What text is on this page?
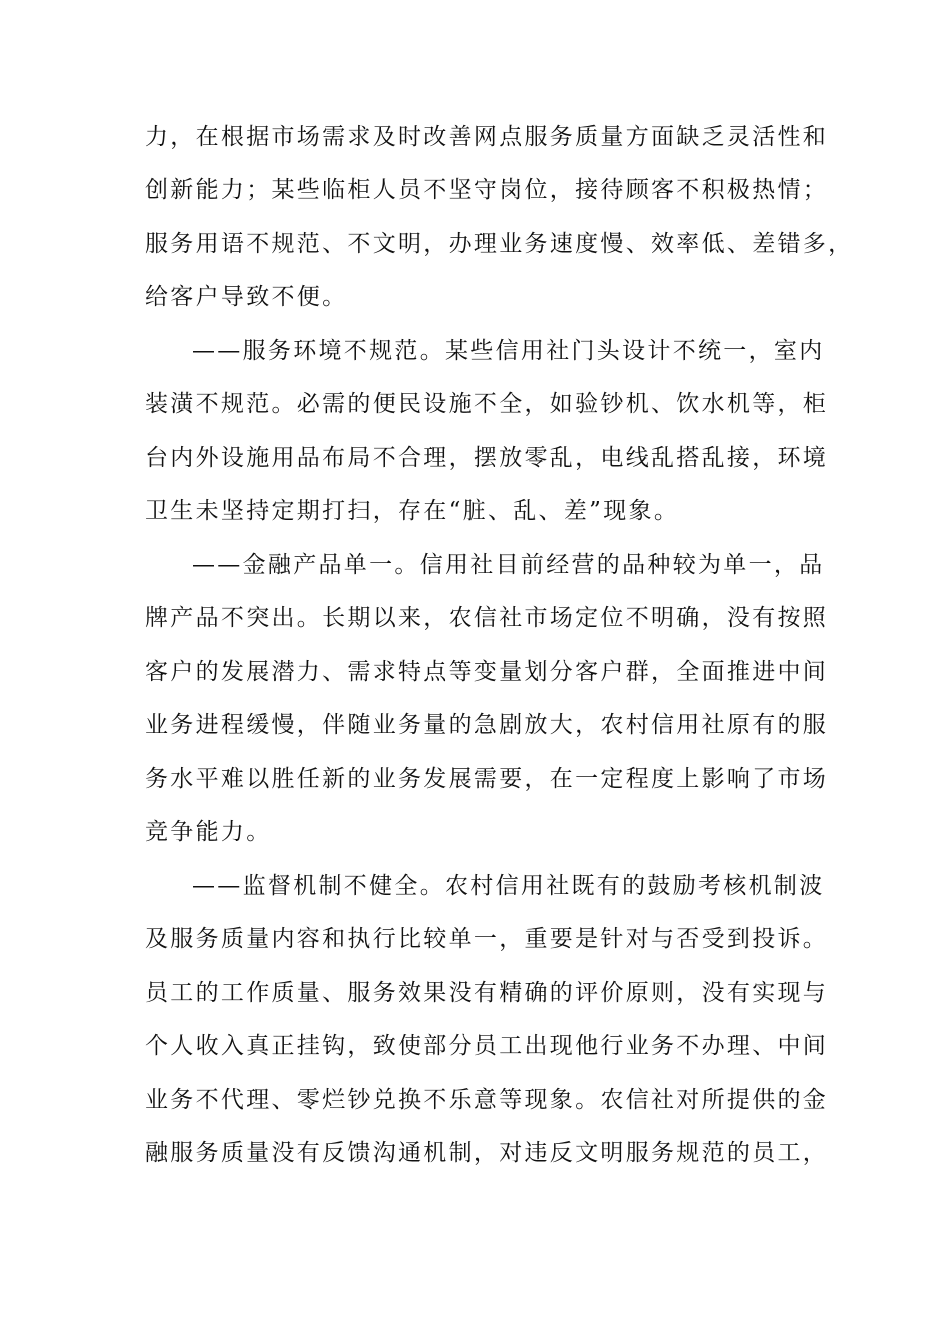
力，在根据市场需求及时改善网点服务质量方面缺乏灵活性和
创新能力；某些临柜人员不坚守岗位，接待顾客不积极热情；
服务用语不规范、不文明，办理业务速度慢、效率低、差错多，
给客户导致不便。
——服务环境不规范。某些信用社门头设计不统一，室内
装潢不规范。必需的便民设施不全，如验钞机、饮水机等，柜
台内外设施用品布局不合理，摆放零乱，电线乱搭乱接，环境
卫生未坚持定期打扫，存在“脏、乱、差”现象。
——金融产品单一。信用社目前经营的品种较为单一，品
牌产品不突出。长期以来，农信社市场定位不明确，没有按照
客户的发展潜力、需求特点等变量划分客户群，全面推进中间
业务进程缓慢，伴随业务量的急剧放大，农村信用社原有的服
务水平难以胜任新的业务发展需要，在一定程度上影响了市场
竞争能力。
——监督机制不健全。农村信用社既有的鼓励考核机制波
及服务质量内容和执行比较单一，重要是针对与否受到投诉。
员工的工作质量、服务效果没有精确的评价原则，没有实现与
个人收入真正挂钩，致使部分员工出现他行业务不办理、中间
业务不代理、零烂钞兑换不乐意等现象。农信社对所提供的金
融服务质量没有反馈沟通机制，对违反文明服务规范的员工，
